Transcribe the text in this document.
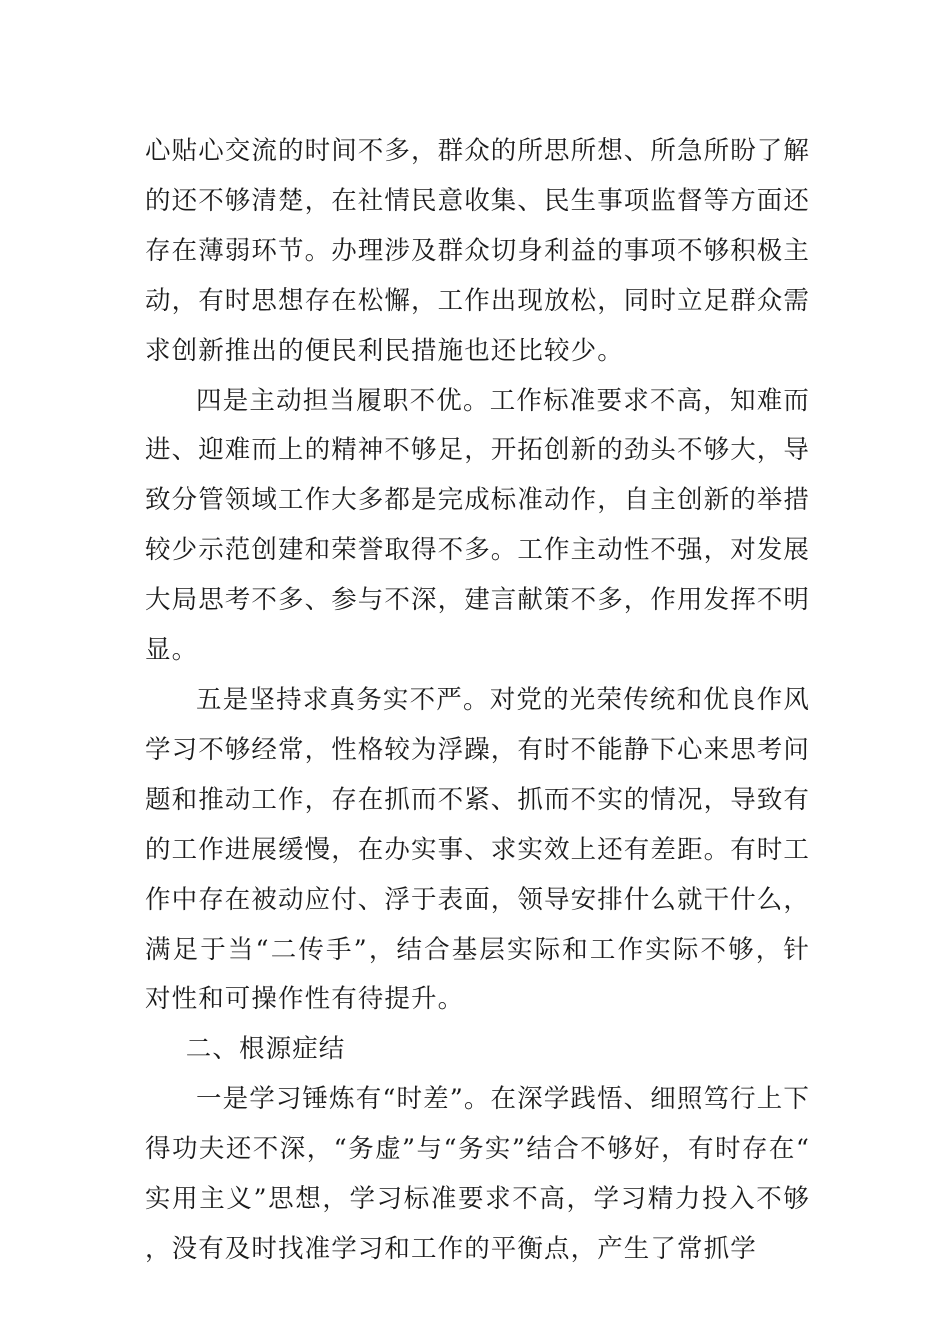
心贴心交流的时间不多，群众的所思所想、所急所盼了解的还不够清楚，在社情民意收集、民生事项监督等方面还存在薄弱环节。办理涉及群众切身利益的事项不够积极主动，有时思想存在松懈，工作出现放松，同时立足群众需求创新推出的便民利民措施也还比较少。

四是主动担当履职不优。工作标准要求不高，知难而进、迎难而上的精神不够足，开拓创新的劲头不够大，导致分管领域工作大多都是完成标准动作，自主创新的举措较少示范创建和荣誉取得不多。工作主动性不强，对发展大局思考不多、参与不深，建言献策不多，作用发挥不明显。

五是坚持求真务实不严。对党的光荣传统和优良作风学习不够经常，性格较为浮躁，有时不能静下心来思考问题和推动工作，存在抓而不紧、抓而不实的情况，导致有的工作进展缓慢，在办实事、求实效上还有差距。有时工作中存在被动应付、浮于表面，领导安排什么就干什么，满足于当“二传手”，结合基层实际和工作实际不够，针对性和可操作性有待提升。

二、根源症结

一是学习锤炼有“时差”。在深学践悟、细照笃行上下得功夫还不深，“务虚”与“务实”结合不够好，有时存在“实用主义”思想，学习标准要求不高，学习精力投入不够，没有及时找准学习和工作的平衡点，产生了常抓学
